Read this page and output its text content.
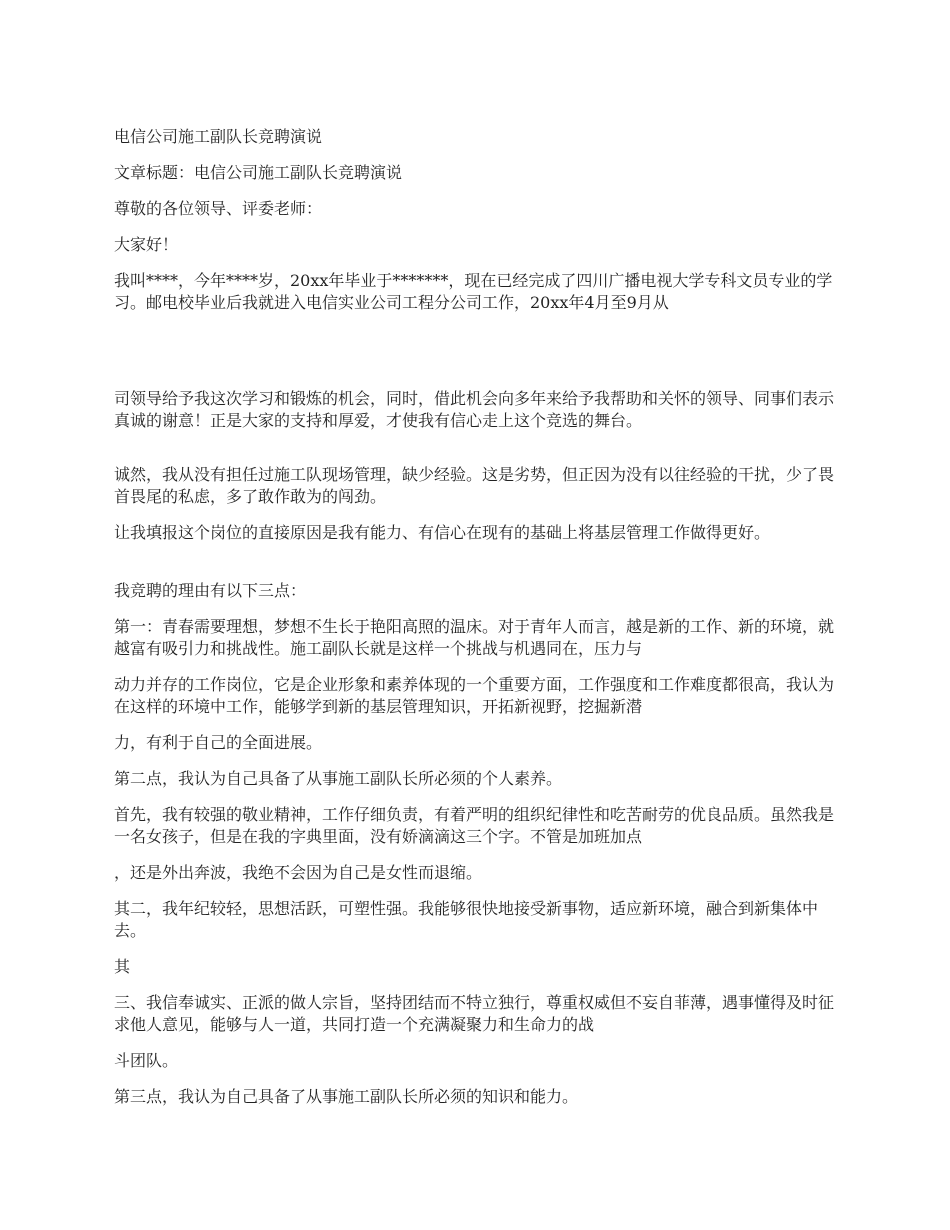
电信公司施工副队长竞聘演说

文章标题：电信公司施工副队长竞聘演说

尊敬的各位领导、评委老师：

大家好！

我叫****，今年****岁，20xx年毕业于*******，现在已经完成了四川广播电视大学专科文员专业的学习。邮电校毕业后我就进入电信实业公司工程分公司工作，20xx年4月至9月从

司领导给予我这次学习和锻炼的机会，同时，借此机会向多年来给予我帮助和关怀的领导、同事们表示真诚的谢意！正是大家的支持和厚爱，才使我有信心走上这个竞选的舞台。

诚然，我从没有担任过施工队现场管理，缺少经验。这是劣势，但正因为没有以往经验的干扰，少了畏首畏尾的私虑，多了敢作敢为的闯劲。

让我填报这个岗位的直接原因是我有能力、有信心在现有的基础上将基层管理工作做得更好。

我竞聘的理由有以下三点：

第一：青春需要理想，梦想不生长于艳阳高照的温床。对于青年人而言，越是新的工作、新的环境，就越富有吸引力和挑战性。施工副队长就是这样一个挑战与机遇同在，压力与

动力并存的工作岗位，它是企业形象和素养体现的一个重要方面，工作强度和工作难度都很高，我认为在这样的环境中工作，能够学到新的基层管理知识，开拓新视野，挖掘新潜

力，有利于自己的全面进展。

第二点，我认为自己具备了从事施工副队长所必须的个人素养。

首先，我有较强的敬业精神，工作仔细负责，有着严明的组织纪律性和吃苦耐劳的优良品质。虽然我是一名女孩子，但是在我的字典里面，没有娇滴滴这三个字。不管是加班加点

，还是外出奔波，我绝不会因为自己是女性而退缩。

其二，我年纪较轻，思想活跃，可塑性强。我能够很快地接受新事物，适应新环境，融合到新集体中去。

其

三、我信奉诚实、正派的做人宗旨，坚持团结而不特立独行，尊重权威但不妄自菲薄，遇事懂得及时征求他人意见，能够与人一道，共同打造一个充满凝聚力和生命力的战

斗团队。

第三点，我认为自己具备了从事施工副队长所必须的知识和能力。
